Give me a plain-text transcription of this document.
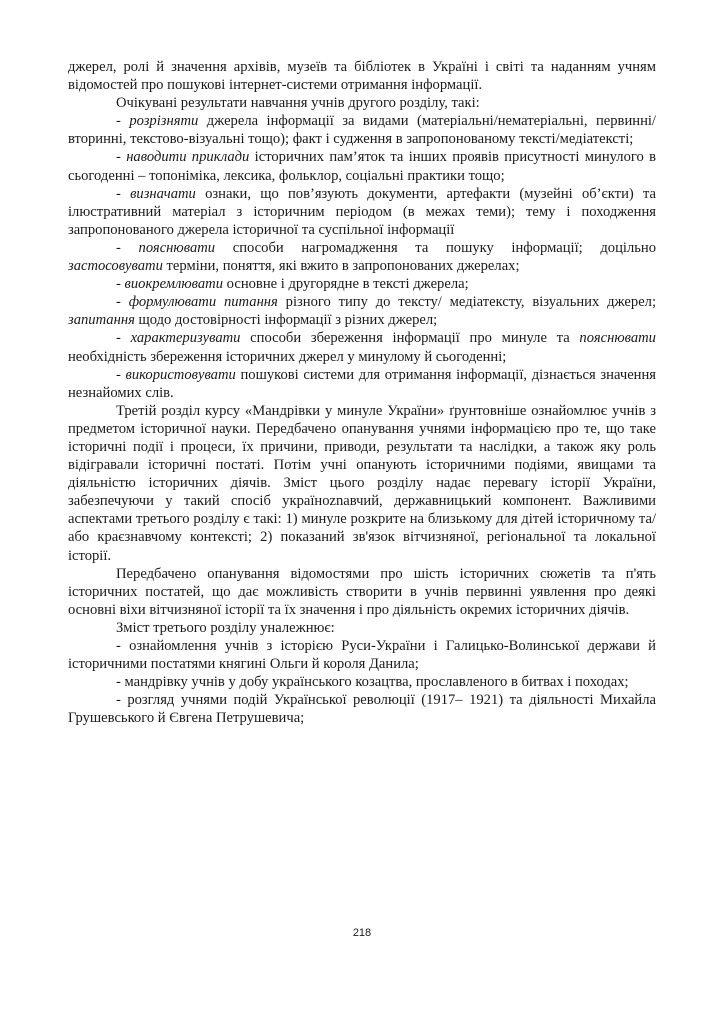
джерел, ролі й значення архівів, музеїв та бібліотек в Україні і світі та наданням учням відомостей про пошукові інтернет-системи отримання інформації.

Очікувані результати навчання учнів другого розділу, такі:

- розрізняти джерела інформації за видами (матеріальні/нематеріальні, первинні/ вторинні, текстово-візуальні тощо); факт і судження в запропонованому тексті/медіатексті;

- наводити приклади історичних пам’яток та інших проявів присутності минулого в сьогоденні – топоніміка, лексика, фольклор, соціальні практики тощо;

- визначати ознаки, що пов’язують документи, артефакти (музейні об’єкти) та ілюстративний матеріал з історичним періодом (в межах теми); тему і походження запропонованого джерела історичної та суспільної інформації

- пояснювати способи нагромадження та пошуку інформації; доцільно застосовувати терміни, поняття, які вжито в запропонованих джерелах;

- виокремлювати основне і другорядне в тексті джерела;

- формулювати питання різного типу до тексту/ медіатексту, візуальних джерел; запитання щодо достовірності інформації з різних джерел;

- характеризувати способи збереження інформації про минуле та пояснювати необхідність збереження історичних джерел у минулому й сьогоденні;

- використовувати пошукові системи для отримання інформації, дізнається значення незнайомих слів.

Третій розділ курсу «Мандрівки у минуле України» ґрунтовніше ознайомлює учнів з предметом історичної науки. Передбачено опанування учнями інформацією про те, що таке історичні події і процеси, їх причини, приводи, результати та наслідки, а також яку роль відігравали історичні постаті. Потім учні опанують історичними подіями, явищами та діяльністю історичних діячів. Зміст цього розділу надає перевагу історії України, забезпечуючи у такий спосіб україноznавчий, державницький компонент. Важливими аспектами третього розділу є такі: 1) минуле розкрите на близькому для дітей історичному та/або краєзнавчому контексті; 2) показаний зв'язок вітчизняної, регіональної та локальної історії.

Передбачено опанування відомостями про шість історичних сюжетів та п'ять історичних постатей, що дає можливість створити в учнів первинні уявлення про деякі основні віхи вітчизняної історії та їх значення і про діяльність окремих історичних діячів.

Зміст третього розділу уналежнює:

- ознайомлення учнів з історією Руси-України і Галицько-Волинської держави й історичними постатями княгині Ольги й короля Данила;

- мандрівку учнів у добу українського козацтва, прославленого в битвах і походах;

- розгляд учнями подій Української революції (1917– 1921) та діяльності Михайла Грушевського й Євгена Петрушевича;

218
